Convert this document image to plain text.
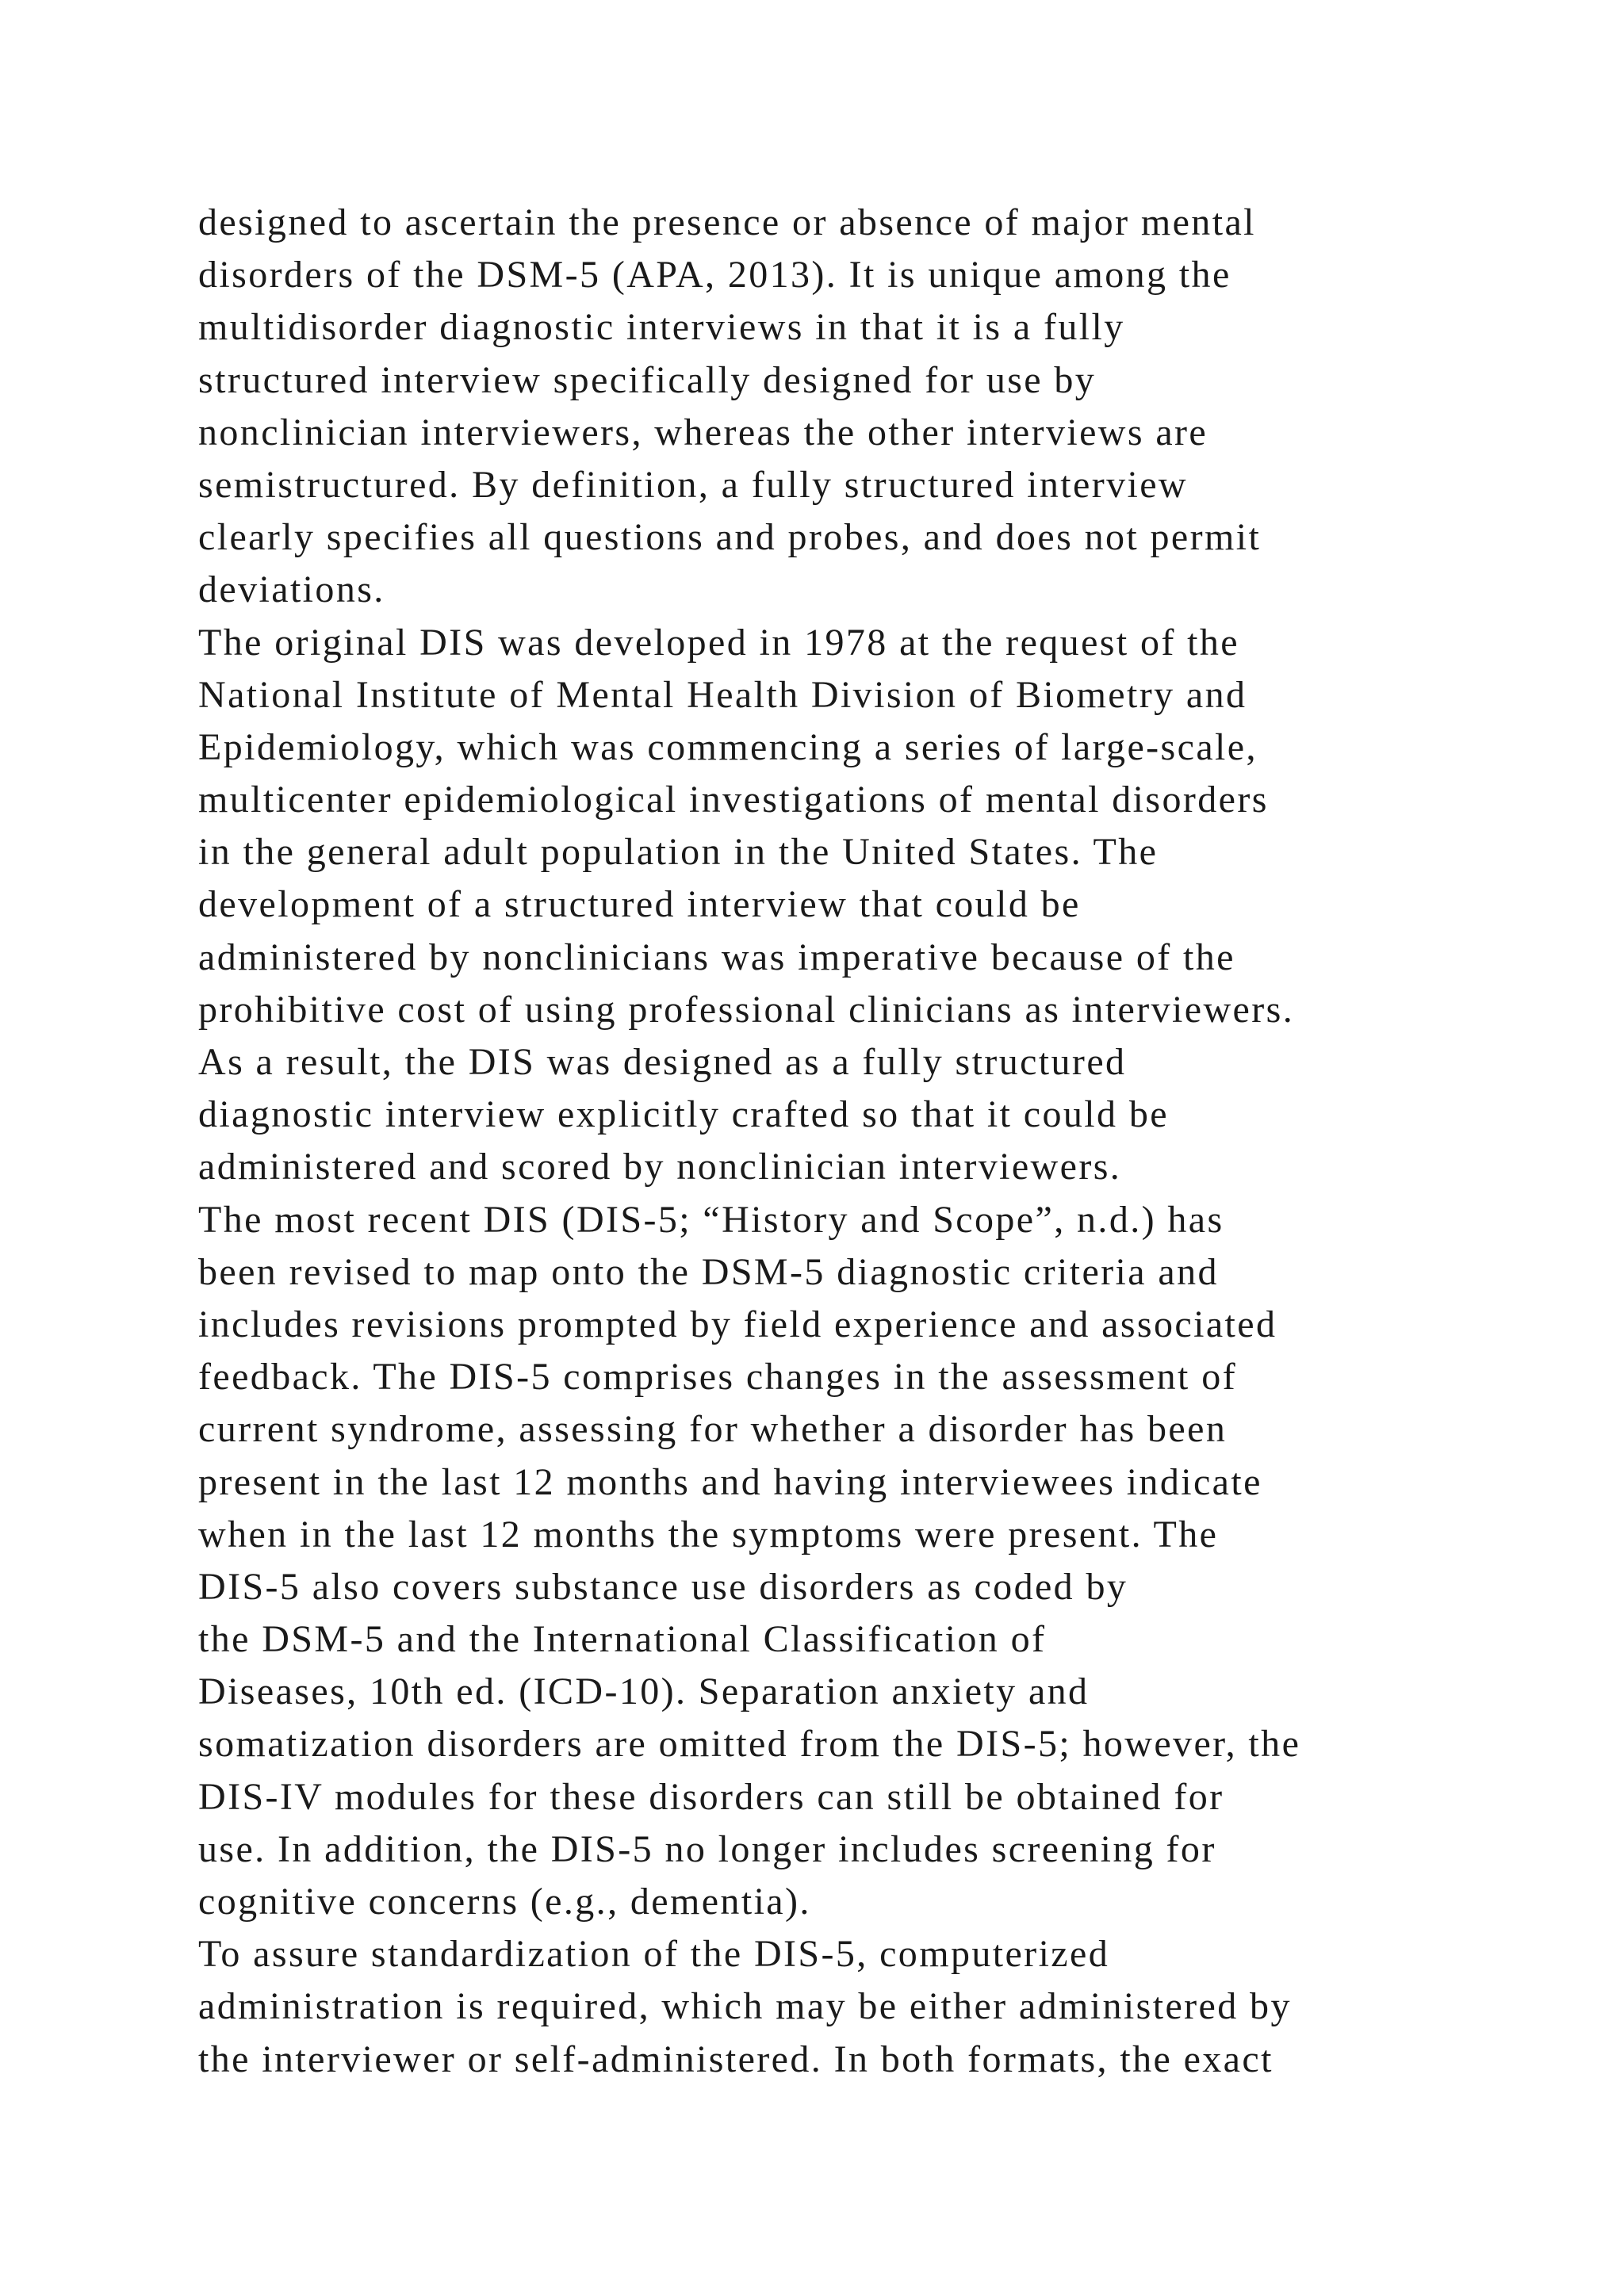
designed to ascertain the presence or absence of major mental
disorders of the DSM-5 (APA, 2013). It is unique among the
multidisorder diagnostic interviews in that it is a fully
structured interview specifically designed for use by
nonclinician interviewers, whereas the other interviews are
semistructured. By definition, a fully structured interview
clearly specifies all questions and probes, and does not permit
deviations.
The original DIS was developed in 1978 at the request of the
National Institute of Mental Health Division of Biometry and
Epidemiology, which was commencing a series of large-scale,
multicenter epidemiological investigations of mental disorders
in the general adult population in the United States. The
development of a structured interview that could be
administered by nonclinicians was imperative because of the
prohibitive cost of using professional clinicians as interviewers.
As a result, the DIS was designed as a fully structured
diagnostic interview explicitly crafted so that it could be
administered and scored by nonclinician interviewers.
The most recent DIS (DIS-5; “History and Scope”, n.d.) has
been revised to map onto the DSM-5 diagnostic criteria and
includes revisions prompted by field experience and associated
feedback. The DIS-5 comprises changes in the assessment of
current syndrome, assessing for whether a disorder has been
present in the last 12 months and having interviewees indicate
when in the last 12 months the symptoms were present. The
DIS-5 also covers substance use disorders as coded by
the DSM-5 and the International Classification of
Diseases, 10th ed. (ICD-10). Separation anxiety and
somatization disorders are omitted from the DIS-5; however, the
DIS-IV modules for these disorders can still be obtained for
use. In addition, the DIS-5 no longer includes screening for
cognitive concerns (e.g., dementia).
To assure standardization of the DIS-5, computerized
administration is required, which may be either administered by
the interviewer or self-administered. In both formats, the exact
